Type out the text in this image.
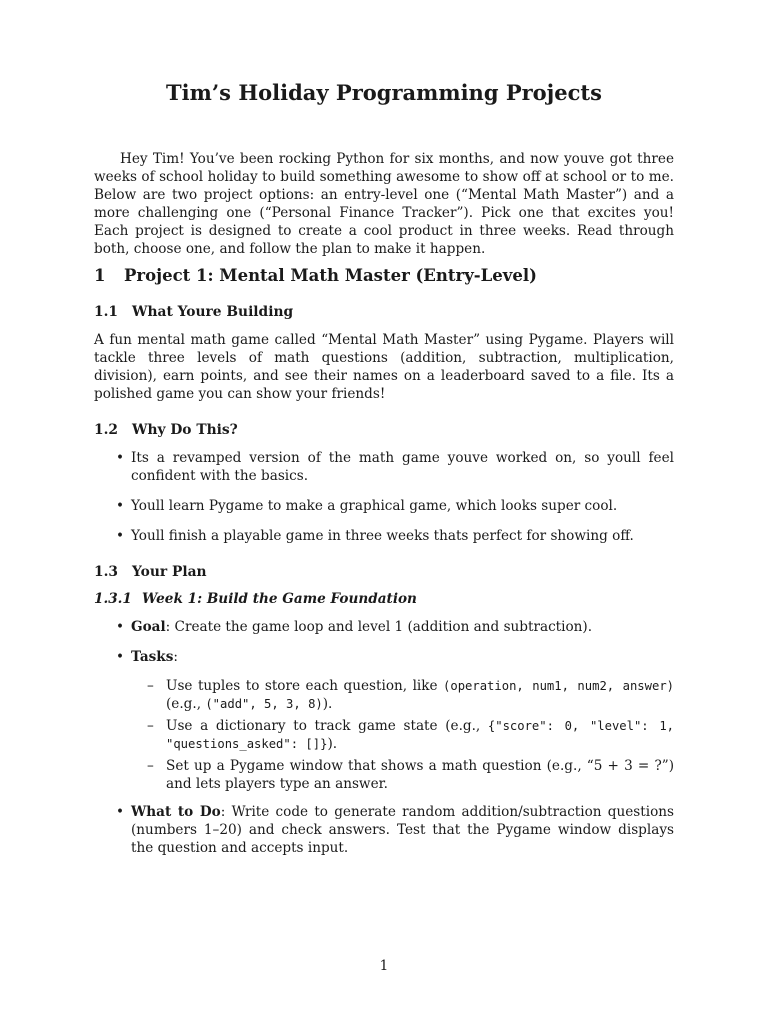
Tim’s Holiday Programming Projects

Hey Tim! You’ve been rocking Python for six months, and now youve got three weeks of school holiday to build something awesome to show off at school or to me. Below are two project options: an entry-level one (“Mental Math Master”) and a more challenging one (“Personal Finance Tracker”). Pick one that excites you! Each project is designed to create a cool product in three weeks. Read through both, choose one, and follow the plan to make it happen.

1 Project 1: Mental Math Master (Entry-Level)
1.1 What Youre Building

A fun mental math game called “Mental Math Master” using Pygame. Players will tackle three levels of math questions (addition, subtraction, multiplication, division), earn points, and see their names on a leaderboard saved to a file. Its a polished game you can show your friends!

1.2 Why Do This?
• Its a revamped version of the math game youve worked on, so youll feel confident with the basics.
• Youll learn Pygame to make a graphical game, which looks super cool.
• Youll finish a playable game in three weeks thats perfect for showing off.
1.3 Your Plan
1.3.1 Week 1: Build the Game Foundation
• Goal: Create the game loop and level 1 (addition and subtraction).
• Tasks:
– Use tuples to store each question, like (operation, num1, num2, answer) (e.g., ("add", 5, 3, 8)).
– Use a dictionary to track game state (e.g., {"score": 0, "level": 1, "questions_asked": []}).
– Set up a Pygame window that shows a math question (e.g., “5 + 3 = ?”) and lets players type an answer.
• What to Do: Write code to generate random addition/subtraction questions (numbers 1–20) and check answers. Test that the Pygame window displays the question and accepts input.

1
